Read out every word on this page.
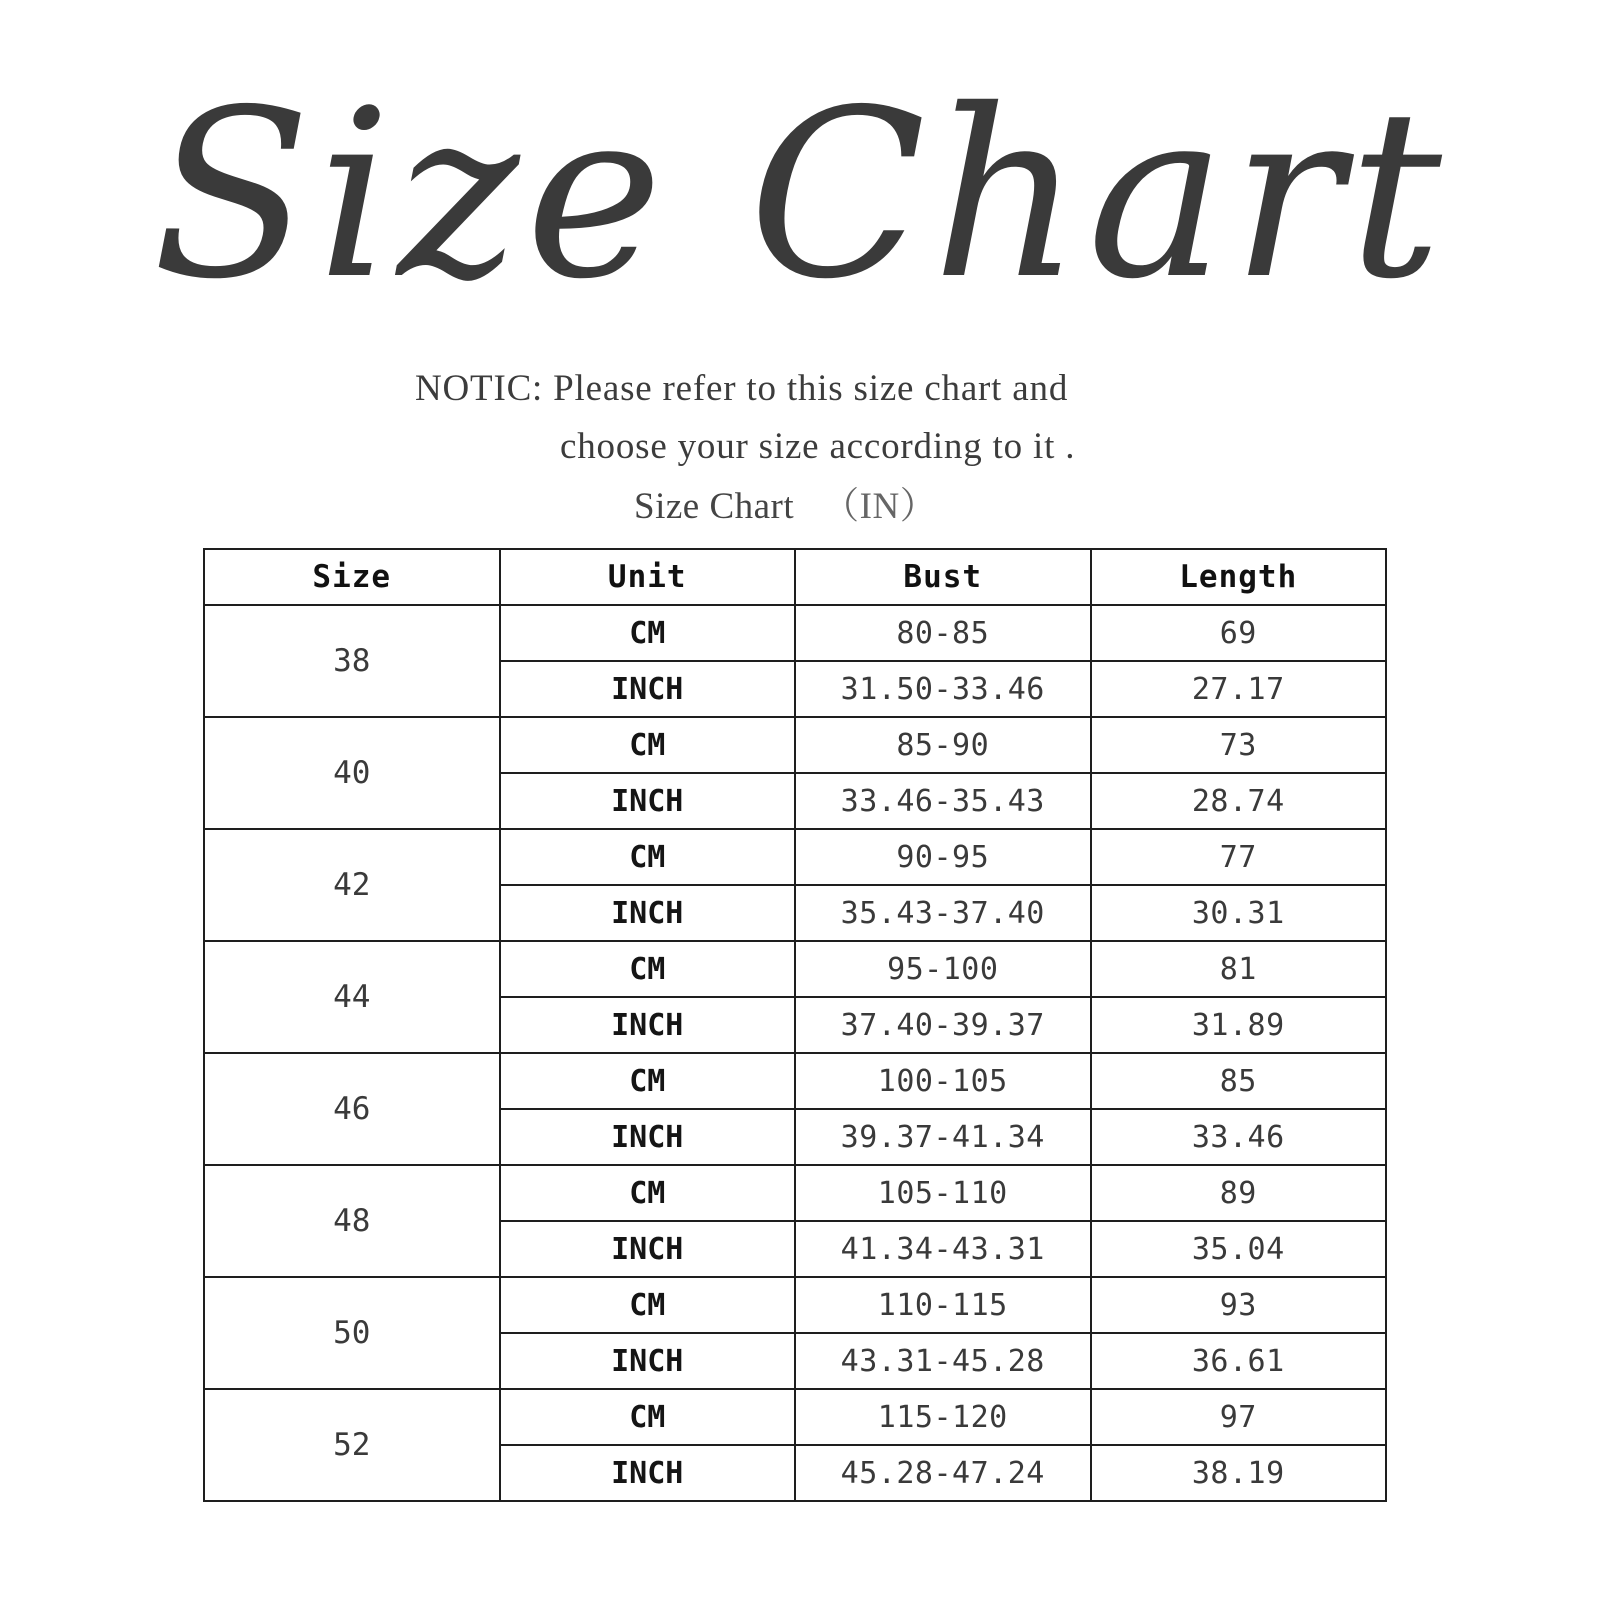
Size Chart
NOTIC: Please refer to this size chart and
choose your size according to it .
Size Chart （IN）
Size	Unit	Bust	Length
38	CM	80-85	69
	INCH	31.50-33.46	27.17
40	CM	85-90	73
	INCH	33.46-35.43	28.74
42	CM	90-95	77
	INCH	35.43-37.40	30.31
44	CM	95-100	81
	INCH	37.40-39.37	31.89
46	CM	100-105	85
	INCH	39.37-41.34	33.46
48	CM	105-110	89
	INCH	41.34-43.31	35.04
50	CM	110-115	93
	INCH	43.31-45.28	36.61
52	CM	115-120	97
	INCH	45.28-47.24	38.19
